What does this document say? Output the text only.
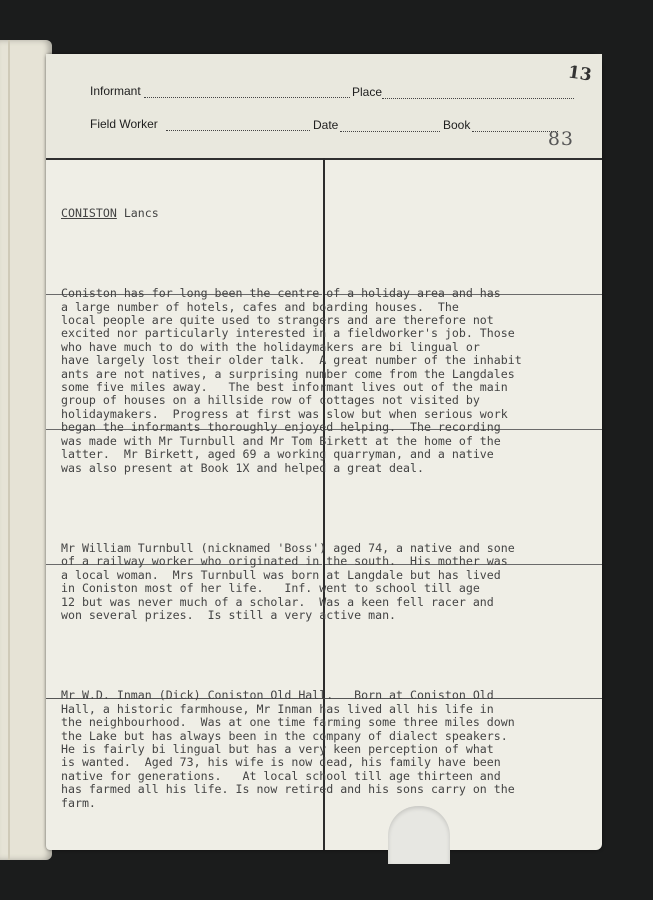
Informant	Place
Field Worker	Date	Book
13
83

CONISTON Lancs

Coniston has for long been the centre of a holiday area and has
a large number of hotels, cafes and boarding houses.  The
local people are quite used to strangers and are therefore not
excited nor particularly interested in a fieldworker's job. Those
who have much to do with the holidaymakers are bi lingual or
have largely lost their older talk.  A great number of the inhabit
ants are not natives, a surprising number come from the Langdales
some five miles away.   The best informant lives out of the main
group of houses on a hillside row of cottages not visited by
holidaymakers.  Progress at first was slow but when serious work
began the informants thoroughly enjoyed helping.  The recording
was made with Mr Turnbull and Mr Tom Birkett at the home of the
latter.  Mr Birkett, aged 69 a working quarryman, and a native
was also present at Book 1X and helped a great deal.

Mr William Turnbull (nicknamed 'Boss') aged 74, a native and sone
of a railway worker who originated in the south.  His mother was
a local woman.  Mrs Turnbull was born at Langdale but has lived
in Coniston most of her life.   Inf. went to school till age
12 but was never much of a scholar.  Was a keen fell racer and
won several prizes.  Is still a very active man.

Mr W.D. Inman (Dick) Coniston Old Hall.   Born at Coniston Old
Hall, a historic farmhouse, Mr Inman has lived all his life in
the neighbourhood.  Was at one time farming some three miles down
the Lake but has always been in the company of dialect speakers.
He is fairly bi lingual but has a very keen perception of what
is wanted.  Aged 73, his wife is now dead, his family have been
native for generations.   At local school till age thirteen and
has farmed all his life. Is now retired and his sons carry on the
farm.
